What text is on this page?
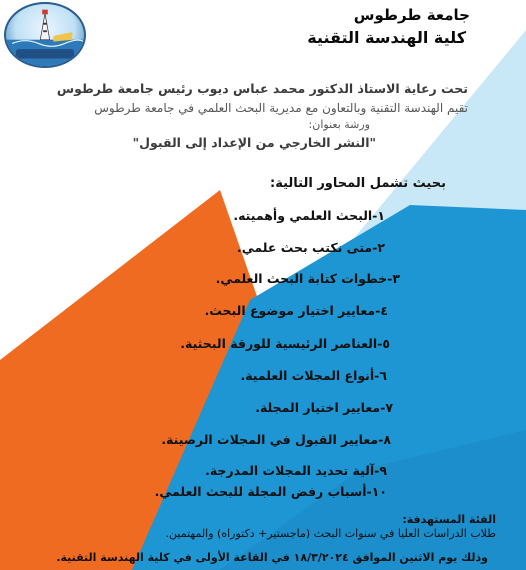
جامعة طرطوس
كلية الهندسة التقنية
تحت رعاية الاستاذ الدكتور محمد عباس ديوب رئيس جامعة طرطوس
تقيم الهندسة التقنية وبالتعاون مع مديرية البحث العلمي في جامعة طرطوس
ورشة بعنوان:
"النشر الخارجي من الإعداد إلى القبول"
بحيث تشمل المحاور التالية:
١-البحث العلمي وأهميته.
٢-متى نكتب بحث علمي.
٣-خطوات كتابة البحث العلمي.
٤-معايير اختيار موضوع البحث.
٥-العناصر الرئيسية للورقة البحثية.
٦-أنواع المجلات العلمية.
٧-معايير اختيار المجلة.
٨-معايير القبول في المجلات الرصينة.
٩-آلية تحديد المجلات المدرجة.
١٠-أسباب رفض المجلة للبحث العلمي.
الفئة المستهدفة:
طلاب الدراسات العليا في سنوات البحث (ماجستير+ دكتوراه) والمهتمين.
وذلك يوم الاثنين الموافق ١٨/٣/٢٠٢٤ في القاعة الأولى في كلية الهندسة التقنية.
